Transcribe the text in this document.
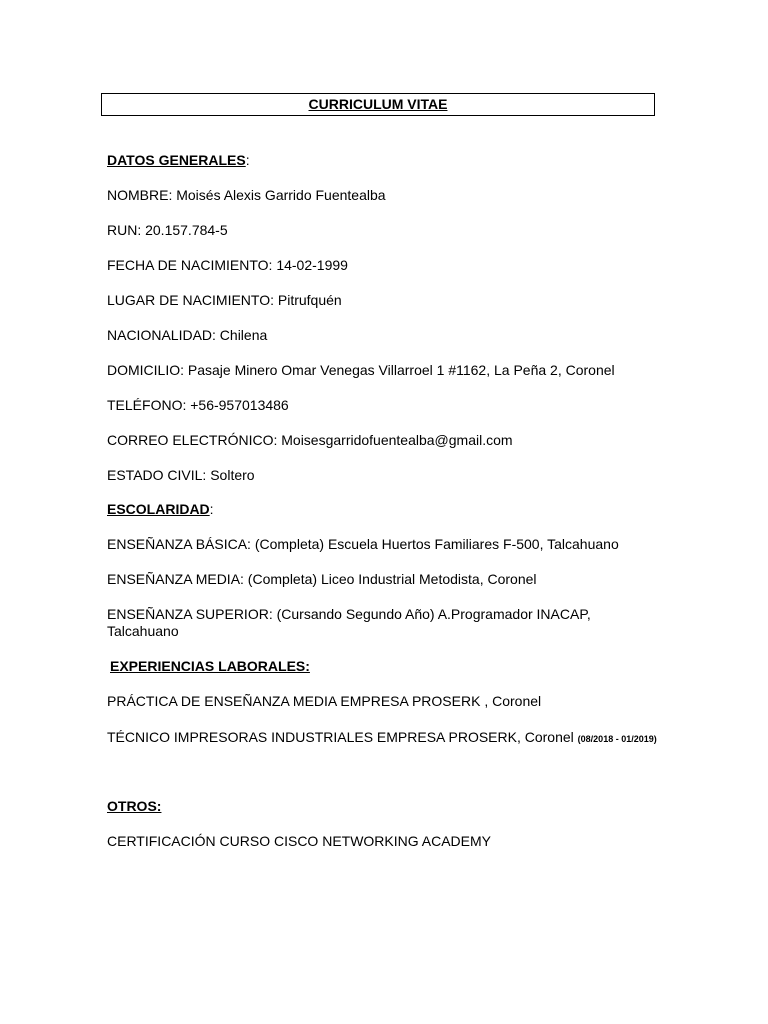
CURRICULUM VITAE
DATOS GENERALES:
NOMBRE: Moisés Alexis Garrido Fuentealba
RUN: 20.157.784-5
FECHA DE NACIMIENTO: 14-02-1999
LUGAR DE NACIMIENTO: Pitrufquén
NACIONALIDAD: Chilena
DOMICILIO: Pasaje Minero Omar Venegas Villarroel 1 #1162, La Peña 2, Coronel
TELÉFONO: +56-957013486
CORREO ELECTRÓNICO: Moisesgarridofuentealba@gmail.com
ESTADO CIVIL: Soltero
ESCOLARIDAD:
ENSEÑANZA BÁSICA: (Completa) Escuela Huertos Familiares F-500, Talcahuano
ENSEÑANZA MEDIA: (Completa) Liceo Industrial Metodista, Coronel
ENSEÑANZA SUPERIOR: (Cursando Segundo Año) A.Programador INACAP, Talcahuano
EXPERIENCIAS LABORALES:
PRÁCTICA DE ENSEÑANZA MEDIA EMPRESA PROSERK , Coronel
TÉCNICO IMPRESORAS INDUSTRIALES EMPRESA PROSERK, Coronel (08/2018 - 01/2019)
OTROS:
CERTIFICACIÓN CURSO CISCO NETWORKING ACADEMY
